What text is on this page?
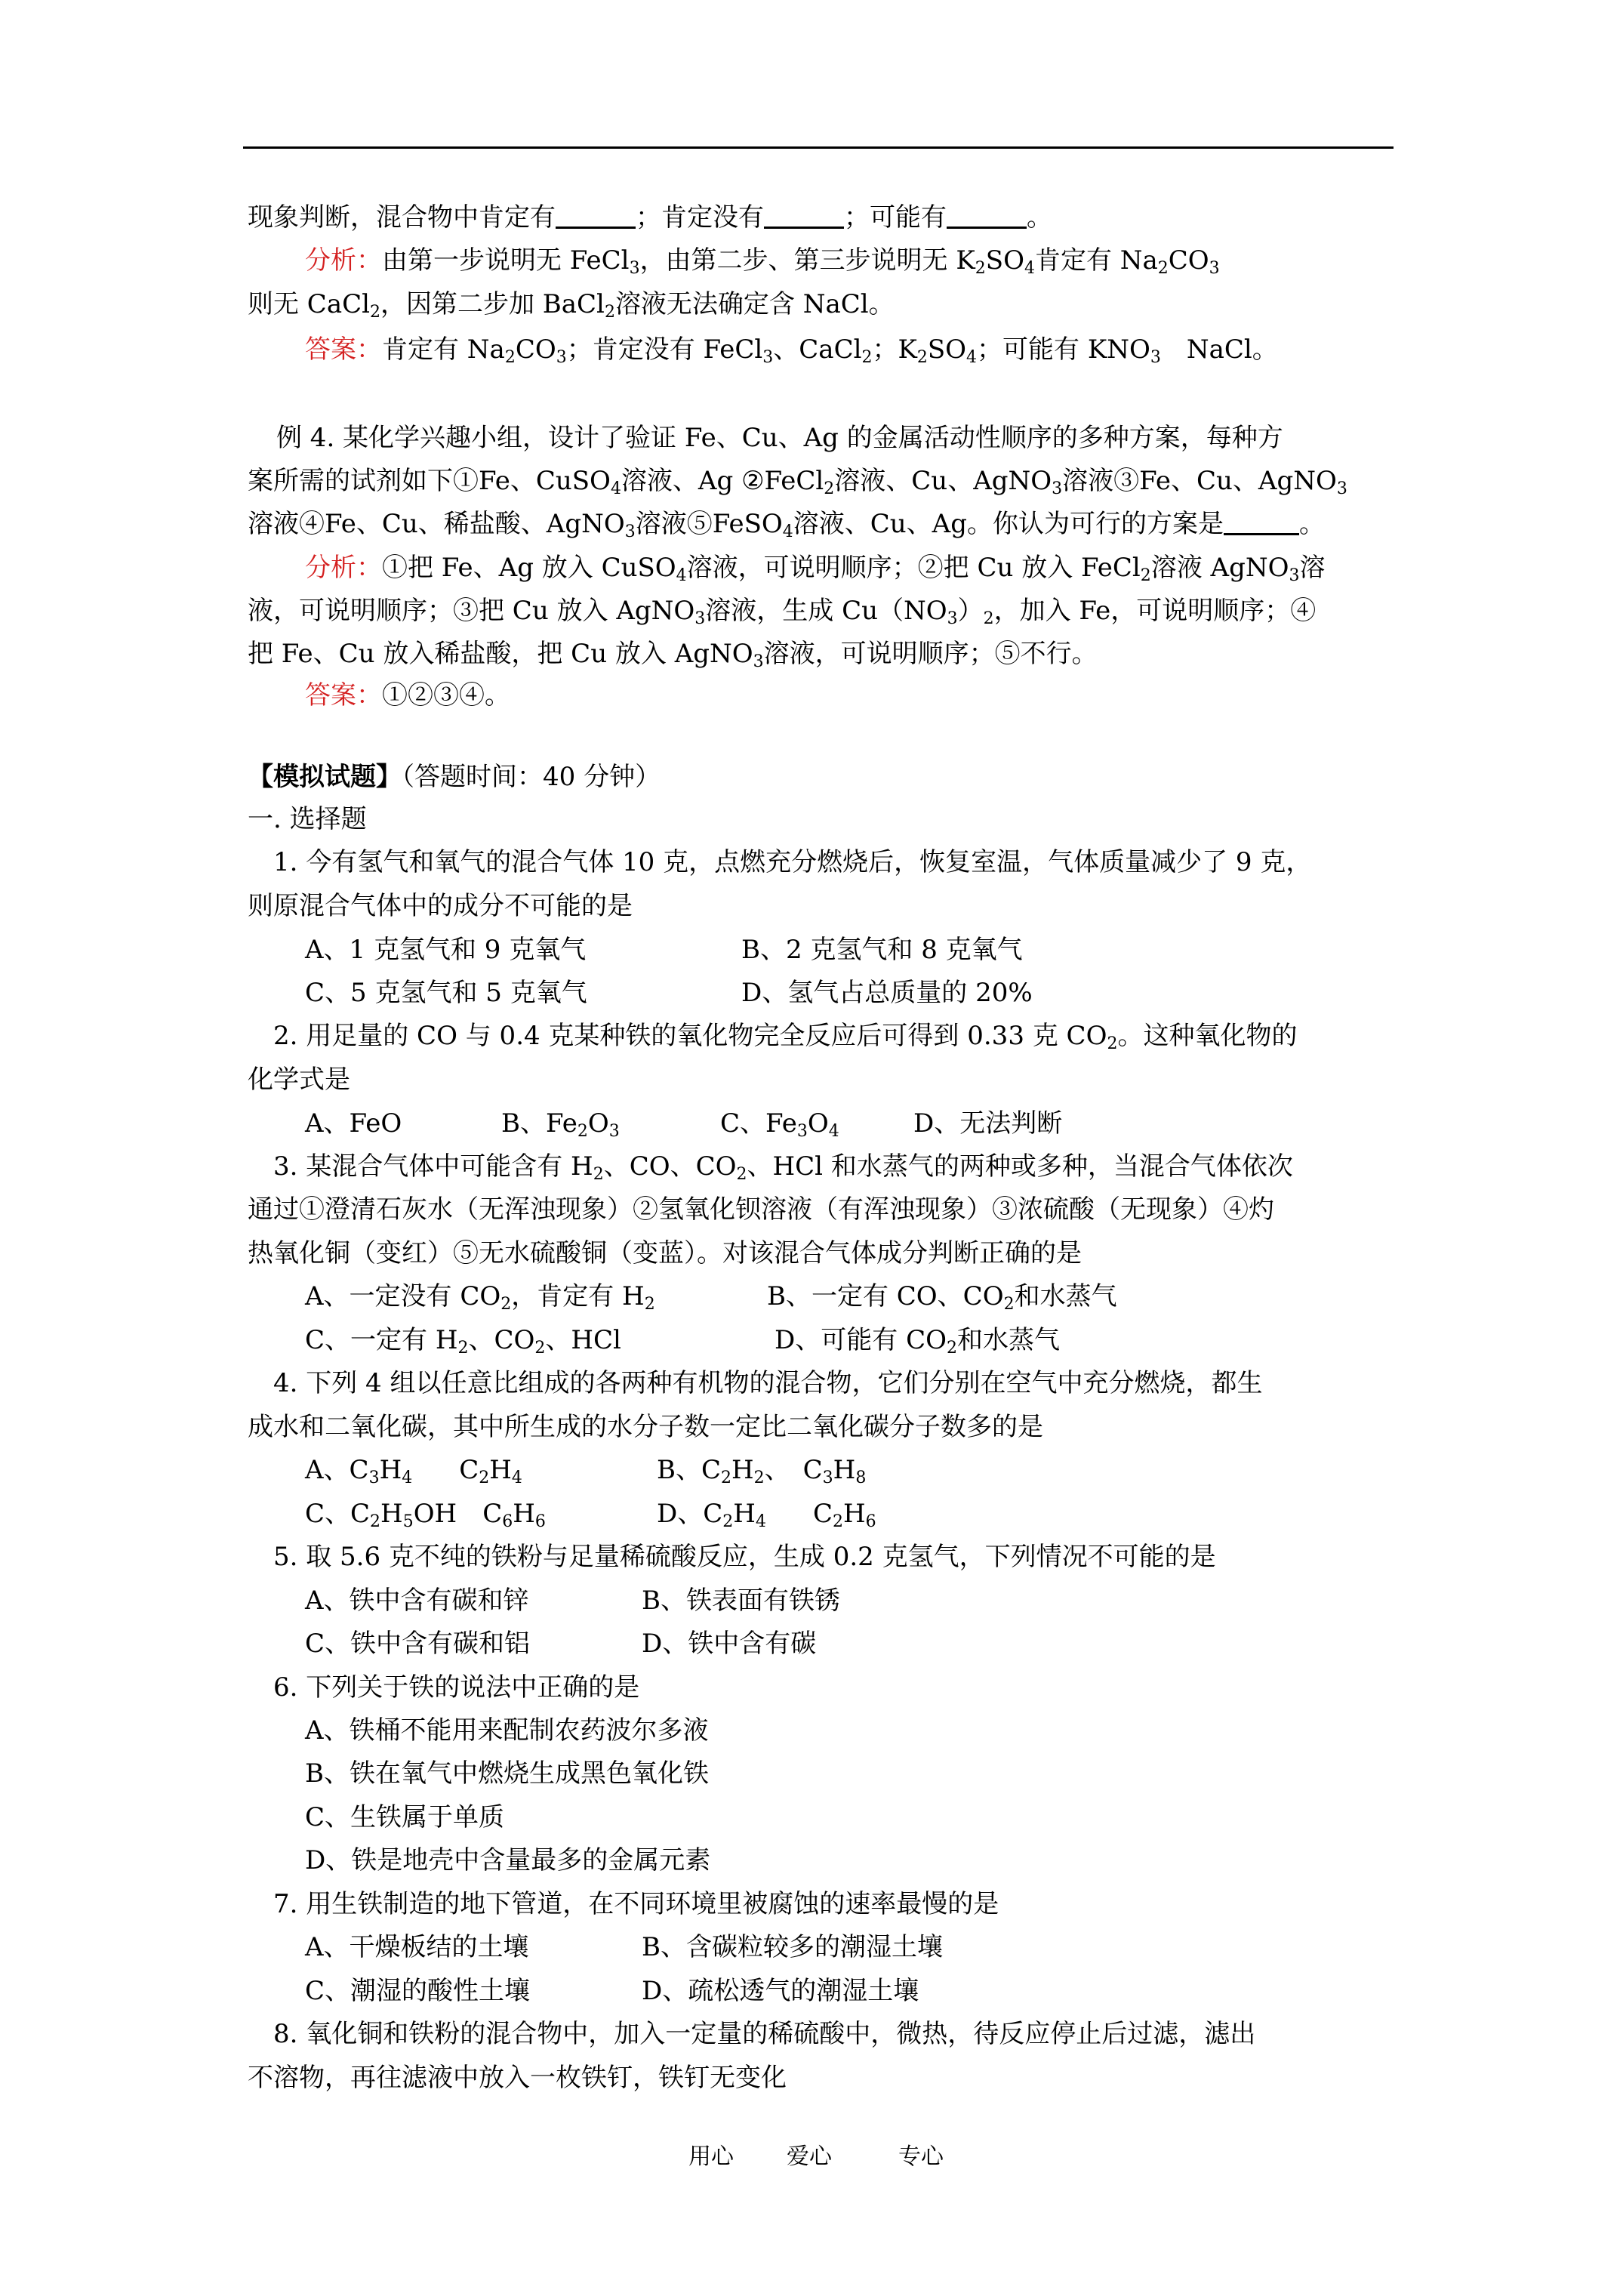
现象判断，混合物中肯定有	；肯定没有	；可能有	。
分析：由第一步说明无 FeCl$_3$，由第二步、第三步说明无 $K_2SO_4$肯定有 $Na_2CO_3$
则无 CaCl$_2$，因第二步加 BaCl$_2$溶液无法确定含 NaCl。
答案：肯定有 $Na_2CO_3$；肯定没有 FeCl$_3$、CaCl$_2$；$K_2SO_4$；可能有 $KNO_3$　NaCl。
例 4. 某化学兴趣小组，设计了验证 Fe、Cu、Ag 的金属活动性顺序的多种方案，每种方
案所需的试剂如下①Fe、CuSO$_4$溶液、Ag ②FeCl$_2$溶液、Cu、AgNO$_3$溶液③Fe、Cu、AgNO$_3$
溶液④Fe、Cu、稀盐酸、AgNO$_3$溶液⑤FeSO$_4$溶液、Cu、Ag。你认为可行的方案是	。
分析：①把 Fe、Ag 放入 CuSO$_4$溶液，可说明顺序；②把 Cu 放入 FeCl$_2$溶液 AgNO$_3$溶
液，可说明顺序；③把 Cu 放入 AgNO$_3$溶液，生成 $Cu(NO_3)_2$，加入 Fe，可说明顺序；④
把 Fe、Cu 放入稀盐酸，把 Cu 放入 AgNO$_3$溶液，可说明顺序；⑤不行。
答案：①②③④。
【模拟试题】（答题时间：40 分钟）
一. 选择题
1. 今有氢气和氧气的混合气体 10 克，点燃充分燃烧后，恢复室温，气体质量减少了 9 克，
则原混合气体中的成分不可能的是
A、1 克氢气和 9 克氧气	B、2 克氢气和 8 克氧气
C、5 克氢气和 5 克氧气	D、氢气占总质量的 20%
2. 用足量的 CO 与 0.4 克某种铁的氧化物完全反应后可得到 0.33 克 $CO_2$。这种氧化物的
化学式是
A、FeO	B、$Fe_2O_3$	C、$Fe_3O_4$	D、无法判断
3. 某混合气体中可能含有 $H_2$、CO、$CO_2$、HCl 和水蒸气的两种或多种，当混合气体依次
通过①澄清石灰水（无浑浊现象）②氢氧化钡溶液（有浑浊现象）③浓硫酸（无现象）④灼
热氧化铜（变红）⑤无水硫酸铜（变蓝）。对该混合气体成分判断正确的是
A、一定没有 $CO_2$，肯定有 $H_2$	B、一定有 CO、$CO_2$和水蒸气
C、一定有 $H_2$、$CO_2$、HCl	D、可能有 $CO_2$和水蒸气
4. 下列 4 组以任意比组成的各两种有机物的混合物，它们分别在空气中充分燃烧，都生
成水和二氧化碳，其中所生成的水分子数一定比二氧化碳分子数多的是
A、$C_3H_4$ $C_2H_4$	B、$C_2H_2$、　$C_3H_8$
C、$C_2H_5OH$　$C_6H_6$	D、$C_2H_4$ $C_2H_6$
5. 取 5.6 克不纯的铁粉与足量稀硫酸反应，生成 0.2 克氢气，下列情况不可能的是
A、铁中含有碳和锌	B、铁表面有铁锈
C、铁中含有碳和铝	D、铁中含有碳
6. 下列关于铁的说法中正确的是
A、铁桶不能用来配制农药波尔多液
B、铁在氧气中燃烧生成黑色氧化铁
C、生铁属于单质
D、铁是地壳中含量最多的金属元素
7. 用生铁制造的地下管道，在不同环境里被腐蚀的速率最慢的是
A、干燥板结的土壤	B、含碳粒较多的潮湿土壤
C、潮湿的酸性土壤	D、疏松透气的潮湿土壤
8. 氧化铜和铁粉的混合物中，加入一定量的稀硫酸中，微热，待反应停止后过滤，滤出
不溶物，再往滤液中放入一枚铁钉，铁钉无变化
用心 爱心	专心
